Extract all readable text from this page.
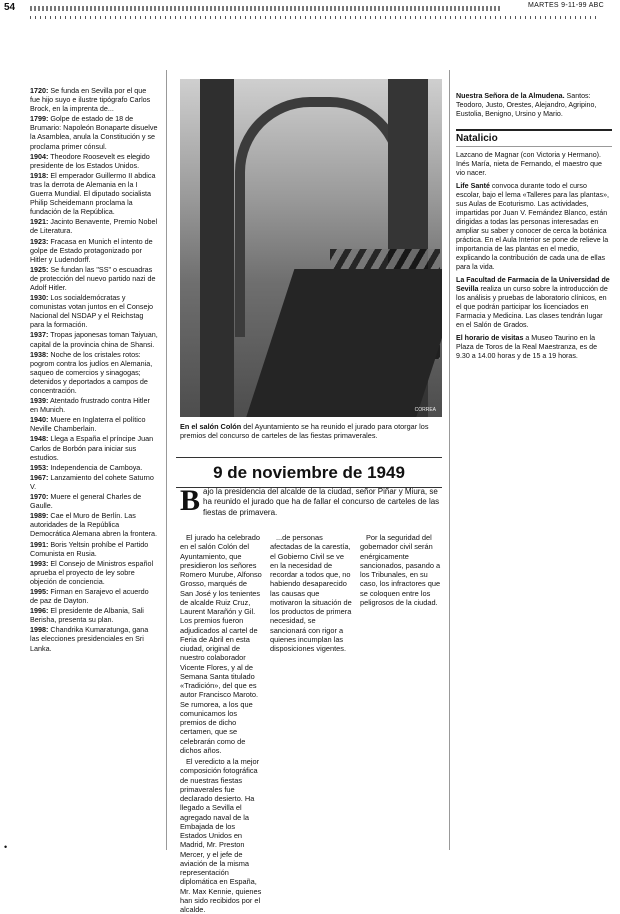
54	MARTES 9-11-99 ABC

1720: Se funda en Sevilla por el que fue hijo suyo e ilustre tipógrafo Carlos Brock, en la imprenta de...

1799: Golpe de estado de 18 de Brumario: Napoleón Bonaparte disuelve la Asamblea, anula la Constitución y se proclama primer cónsul.

1904: Theodore Roosevelt es elegido presidente de los Estados Unidos.

1918: El emperador Guillermo II abdica tras la derrota de Alemania en la I Guerra Mundial. El diputado socialista Philip Scheidemann proclama la fundación de la República.

1921: Jacinto Benavente, Premio Nobel de Literatura.

1923: Fracasa en Munich el intento de golpe de Estado protagonizado por Hitler y Ludendorff.

1925: Se fundan las "SS" o escuadras de protección del nuevo partido nazi de Adolf Hitler.

1930: Los socialdemócratas y comunistas votan juntos en el Consejo Nacional del NSDAP y el Reichstag para la formación.

1937: Tropas japonesas toman Taiyuan, capital de la provincia china de Shansi.

1938: Noche de los cristales rotos: pogrom contra los judíos en Alemania, saqueo de comercios y sinagogas; detenidos y deportados a campos de concentración.

1939: Atentado frustrado contra Hitler en Munich.

1940: Muere en Inglaterra el político Neville Chamberlain.

1948: Llega a España el príncipe Juan Carlos de Borbón para iniciar sus estudios.

1953: Independencia de Camboya.

1967: Lanzamiento del cohete Saturno V.

1970: Muere el general Charles de Gaulle.

1989: Cae el Muro de Berlín. Las autoridades de la República Democrática Alemana abren la frontera.

1991: Boris Yeltsin prohíbe el Partido Comunista en Rusia.

1993: El Consejo de Ministros español aprueba el proyecto de ley sobre objeción de conciencia.

1995: Firman en Sarajevo el acuerdo de paz de Dayton.

1996: El presidente de Albania, Sali Berisha, presenta su plan.

1998: Chandrika Kumaratunga, gana las elecciones presidenciales en Sri Lanka.

CORREA
En el salón Colón del Ayuntamiento se ha reunido el jurado para otorgar los premios del concurso de carteles de las fiestas primaverales.
9 de noviembre de 1949
Bajo la presidencia del alcalde de la ciudad, señor Piñar y Miura, se ha reunido el jurado que ha de fallar el concurso de carteles de las fiestas de primavera.

El jurado ha celebrado en el salón Colón del Ayuntamiento, que presidieron los señores Romero Murube, Alfonso Grosso, marqués de San José y los tenientes de alcalde Ruiz Cruz, Laurent Marañón y Gil. Los premios fueron adjudicados al cartel de Feria de Abril en esta ciudad, original de nuestro colaborador Vicente Flores, y al de Semana Santa titulado «Tradición», del que es autor Francisco Maroto. Se rumorea, a los que comunicamos los premios de dicho certamen, que se celebrarán como de dichos años.

El veredicto a la mejor composición fotográfica de nuestras fiestas primaverales fue declarado desierto. Ha llegado a Sevilla el agregado naval de la Embajada de los Estados Unidos en Madrid, Mr. Preston Mercer, y el jefe de aviación de la misma representación diplomática en España, Mr. Max Kennie, quienes han sido recibidos por el alcalde.

...de personas afectadas de la carestía, el Gobierno Civil se ve en la necesidad de recordar a todos que, no habiendo desaparecido las causas que motivaron la situación de los productos de primera necesidad, se sancionará con rigor a quienes incumplan las disposiciones vigentes.

Por la seguridad del gobernador civil serán enérgicamente sancionados, pasando a los Tribunales, en su caso, los infractores que se coloquen entre los peligrosos de la ciudad.

Nuestra Señora de la Almudena. Santos: Teodoro, Justo, Orestes, Alejandro, Agripino, Eustolia, Benigno, Ursino y Mario.

Natalicio

Lazcano de Magnar (con Victoria y Hermano). Inés María, nieta de Fernando, el maestro que vio nacer.

Life Santé convoca durante todo el curso escolar, bajo el lema «Talleres para las plantas», sus Aulas de Ecoturismo. Las actividades, impartidas por Juan V. Fernández Blanco, están dirigidas a todas las personas interesadas en ampliar su saber y conocer de cerca la botánica práctica. En el Aula Interior se pone de relieve la importancia de las plantas en el medio, explicando la contribución de cada una de ellas para la vida.

La Facultad de Farmacia de la Universidad de Sevilla realiza un curso sobre la introducción de los análisis y pruebas de laboratorio clínicos, en el que podrán participar los licenciados en Farmacia y Medicina. Las clases tendrán lugar en el Salón de Grados.

El horario de visitas a Museo Taurino en la Plaza de Toros de la Real Maestranza, es de 9.30 a 14.00 horas y de 15 a 19 horas.

•
